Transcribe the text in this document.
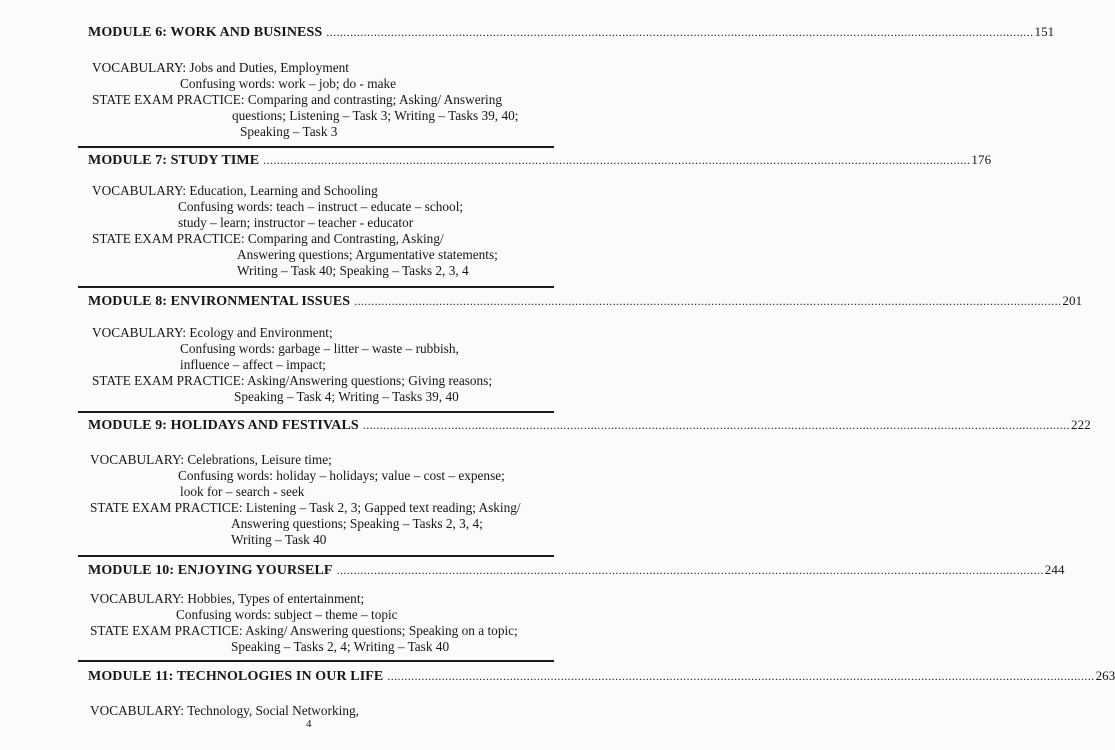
MODULE 6: WORK AND BUSINESS ................................................................................................................................................................................................................ 151
VOCABULARY: Jobs and Duties, Employment
Confusing words: work – job; do - make
STATE EXAM PRACTICE: Comparing and contrasting; Asking/ Answering
questions; Listening – Task 3; Writing – Tasks 39, 40;
Speaking – Task 3
MODULE 7: STUDY TIME ................................................................................................................................................................................................................ 176
VOCABULARY: Education, Learning and Schooling
Confusing words: teach – instruct – educate – school;
study – learn; instructor – teacher - educator
STATE EXAM PRACTICE: Comparing and Contrasting, Asking/
Answering questions; Argumentative statements;
Writing – Task 40; Speaking – Tasks 2, 3, 4
MODULE 8: ENVIRONMENTAL ISSUES ................................................................................................................................................................................................................ 201
VOCABULARY: Ecology and Environment;
Confusing words: garbage – litter – waste – rubbish,
influence – affect – impact;
STATE EXAM PRACTICE: Asking/Answering questions; Giving reasons;
Speaking – Task 4; Writing – Tasks 39, 40
MODULE 9: HOLIDAYS AND FESTIVALS ................................................................................................................................................................................................................ 222
VOCABULARY: Celebrations, Leisure time;
Confusing words: holiday – holidays; value – cost – expense;
look for – search - seek
STATE EXAM PRACTICE: Listening – Task 2, 3; Gapped text reading; Asking/
Answering questions; Speaking – Tasks 2, 3, 4;
Writing – Task 40
MODULE 10: ENJOYING YOURSELF ................................................................................................................................................................................................................ 244
VOCABULARY: Hobbies, Types of entertainment;
Confusing words: subject – theme – topic
STATE EXAM PRACTICE: Asking/ Answering questions; Speaking on a topic;
Speaking – Tasks 2, 4; Writing – Task 40
MODULE 11: TECHNOLOGIES IN OUR LIFE ................................................................................................................................................................................................................ 263
VOCABULARY: Technology, Social Networking,
4
